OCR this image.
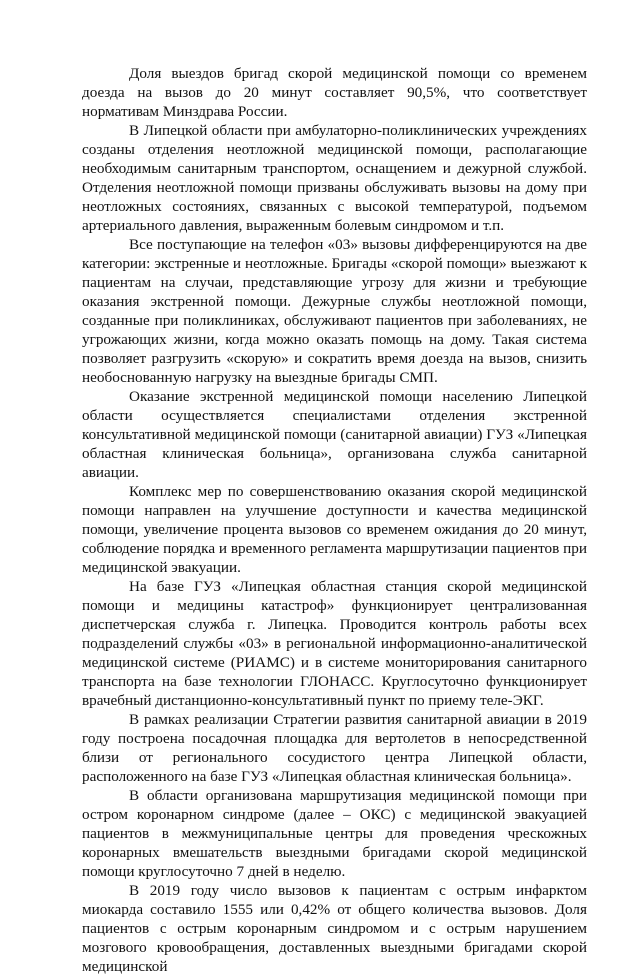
Доля выездов бригад скорой медицинской помощи со временем доезда на вызов до 20 минут составляет 90,5%, что соответствует нормативам Минздрава России.

В Липецкой области при амбулаторно-поликлинических учреждениях созданы отделения неотложной медицинской помощи, располагающие необходимым санитарным транспортом, оснащением и дежурной службой. Отделения неотложной помощи призваны обслуживать вызовы на дому при неотложных состояниях, связанных с высокой температурой, подъемом артериального давления, выраженным болевым синдромом и т.п.

Все поступающие на телефон «03» вызовы дифференцируются на две категории: экстренные и неотложные. Бригады «скорой помощи» выезжают к пациентам на случаи, представляющие угрозу для жизни и требующие оказания экстренной помощи. Дежурные службы неотложной помощи, созданные при поликлиниках, обслуживают пациентов при заболеваниях, не угрожающих жизни, когда можно оказать помощь на дому. Такая система позволяет разгрузить «скорую» и сократить время доезда на вызов, снизить необоснованную нагрузку на выездные бригады СМП.

Оказание экстренной медицинской помощи населению Липецкой области осуществляется специалистами отделения экстренной консультативной медицинской помощи (санитарной авиации) ГУЗ «Липецкая областная клиническая больница», организована служба санитарной авиации.

Комплекс мер по совершенствованию оказания скорой медицинской помощи направлен на улучшение доступности и качества медицинской помощи, увеличение процента вызовов со временем ожидания до 20 минут, соблюдение порядка и временного регламента маршрутизации пациентов при медицинской эвакуации.

На базе ГУЗ «Липецкая областная станция скорой медицинской помощи и медицины катастроф» функционирует централизованная диспетчерская служба г. Липецка. Проводится контроль работы всех подразделений службы «03» в региональной информационно-аналитической медицинской системе (РИАМС) и в системе мониторирования санитарного транспорта на базе технологии ГЛОНАСС. Круглосуточно функционирует врачебный дистанционно-консультативный пункт по приему теле-ЭКГ.

В рамках реализации Стратегии развития санитарной авиации в 2019 году построена посадочная площадка для вертолетов в непосредственной близи от регионального сосудистого центра Липецкой области, расположенного на базе ГУЗ «Липецкая областная клиническая больница».

В области организована маршрутизация медицинской помощи при остром коронарном синдроме (далее – ОКС) с медицинской эвакуацией пациентов в межмуниципальные центры для проведения чрескожных коронарных вмешательств выездными бригадами скорой медицинской помощи круглосуточно 7 дней в неделю.

В 2019 году число вызовов к пациентам с острым инфарктом миокарда составило 1555 или 0,42% от общего количества вызовов. Доля пациентов с острым коронарным синдромом и с острым нарушением мозгового кровообращения, доставленных выездными бригадами скорой медицинской
